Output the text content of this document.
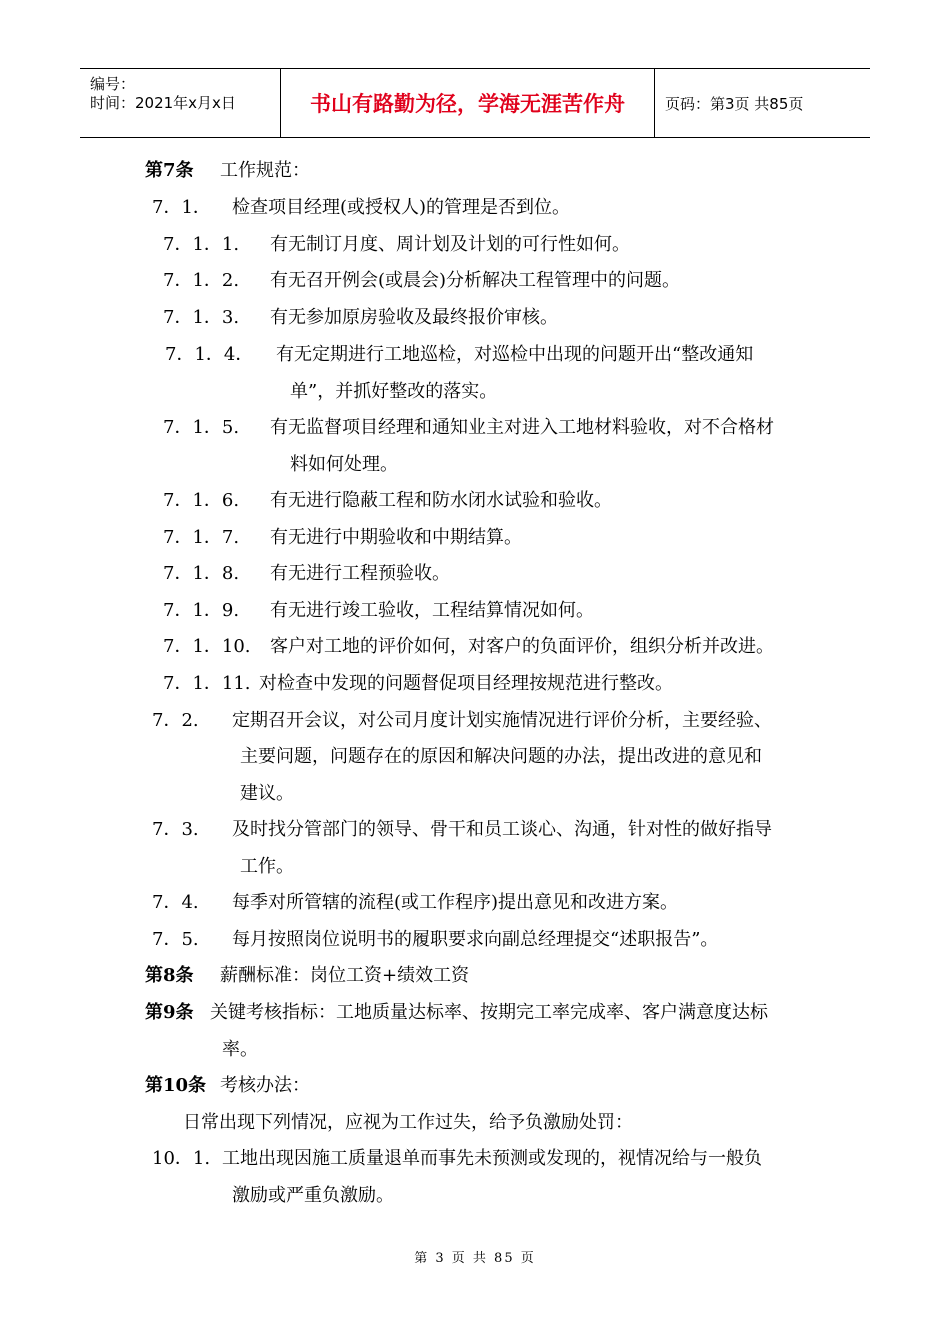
编号：
时间：2021年x月x日	书山有路勤为径，学海无涯苦作舟	页码：第3页 共85页
第7条 工作规范：
7．1． 检查项目经理(或授权人)的管理是否到位。
7．1．1. 有无制订月度、周计划及计划的可行性如何。
7．1．2. 有无召开例会(或晨会)分析解决工程管理中的问题。
7．1．3. 有无参加原房验收及最终报价审核。
7．1．4． 有无定期进行工地巡检，对巡检中出现的问题开出“整改通知
单”，并抓好整改的落实。
7．1．5. 有无监督项目经理和通知业主对进入工地材料验收，对不合格材
料如何处理。
7．1．6. 有无进行隐蔽工程和防水闭水试验和验收。
7．1．7. 有无进行中期验收和中期结算。
7．1．8. 有无进行工程预验收。
7．1．9. 有无进行竣工验收，工程结算情况如何。
7．1．10. 客户对工地的评价如何，对客户的负面评价，组织分析并改进。
7．1．11. 对检查中发现的问题督促项目经理按规范进行整改。
7．2. 定期召开会议，对公司月度计划实施情况进行评价分析，主要经验、
主要问题，问题存在的原因和解决问题的办法，提出改进的意见和
建议。
7．3. 及时找分管部门的领导、骨干和员工谈心、沟通，针对性的做好指导
工作。
7．4. 每季对所管辖的流程(或工作程序)提出意见和改进方案。
7．5. 每月按照岗位说明书的履职要求向副总经理提交“述职报告”。
第8条 薪酬标准：岗位工资+绩效工资
第9条 关键考核指标：工地质量达标率、按期完工率完成率、客户满意度达标
率。
第10条 考核办法：
日常出现下列情况，应视为工作过失，给予负激励处罚：
10．1. 工地出现因施工质量退单而事先未预测或发现的，视情况给与一般负
激励或严重负激励。
第 3 页 共 85 页
